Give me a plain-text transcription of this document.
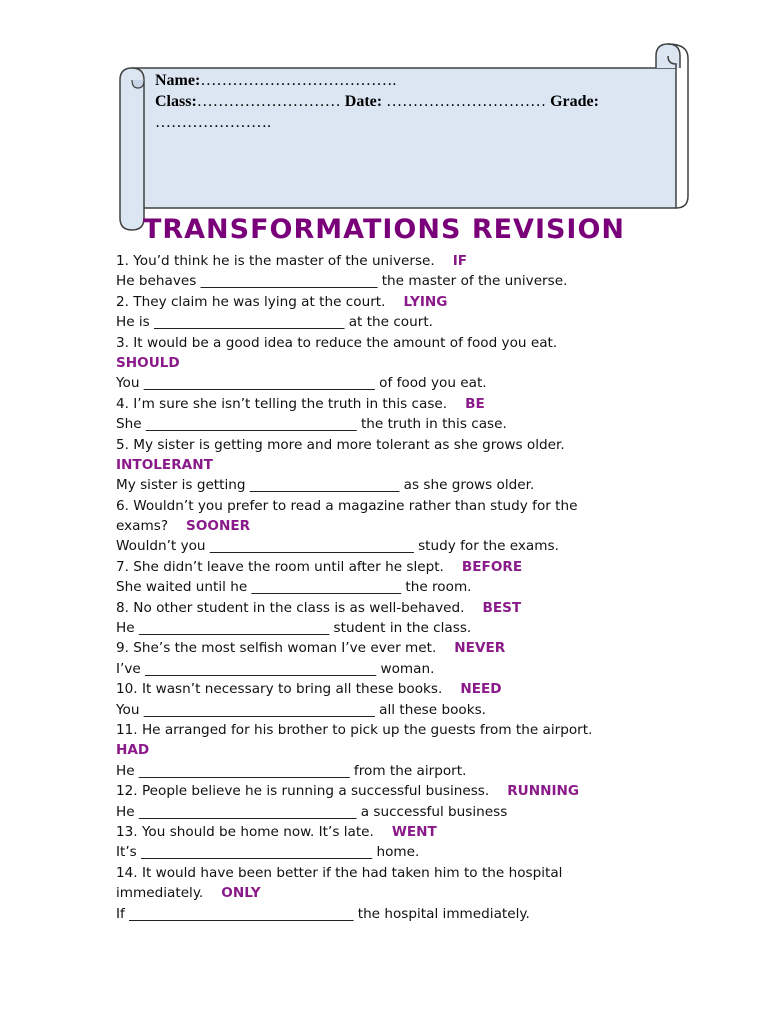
Name:……………………………….
Class:……………………… Date: ………………………… Grade:
………………….
TRANSFORMATIONS REVISION
1. You’d think he is the master of the universe. IF
He behaves __________________________ the master of the universe.
2. They claim he was lying at the court. LYING
He is ____________________________ at the court.
3. It would be a good idea to reduce the amount of food you eat.
SHOULD
You __________________________________ of food you eat.
4. I’m sure she isn’t telling the truth in this case. BE
She _______________________________ the truth in this case.
5. My sister is getting more and more tolerant as she grows older.
INTOLERANT
My sister is getting ______________________ as she grows older.
6. Wouldn’t you prefer to read a magazine rather than study for the
exams? SOONER
Wouldn’t you ______________________________ study for the exams.
7. She didn’t leave the room until after he slept. BEFORE
She waited until he ______________________ the room.
8. No other student in the class is as well-behaved. BEST
He ____________________________ student in the class.
9. She’s the most selfish woman I’ve ever met. NEVER
I’ve __________________________________ woman.
10. It wasn’t necessary to bring all these books. NEED
You __________________________________ all these books.
11. He arranged for his brother to pick up the guests from the airport.
HAD
He _______________________________ from the airport.
12. People believe he is running a successful business. RUNNING
He ________________________________ a successful business
13. You should be home now. It’s late. WENT
It’s __________________________________ home.
14. It would have been better if the had taken him to the hospital
immediately. ONLY
If _________________________________ the hospital immediately.
